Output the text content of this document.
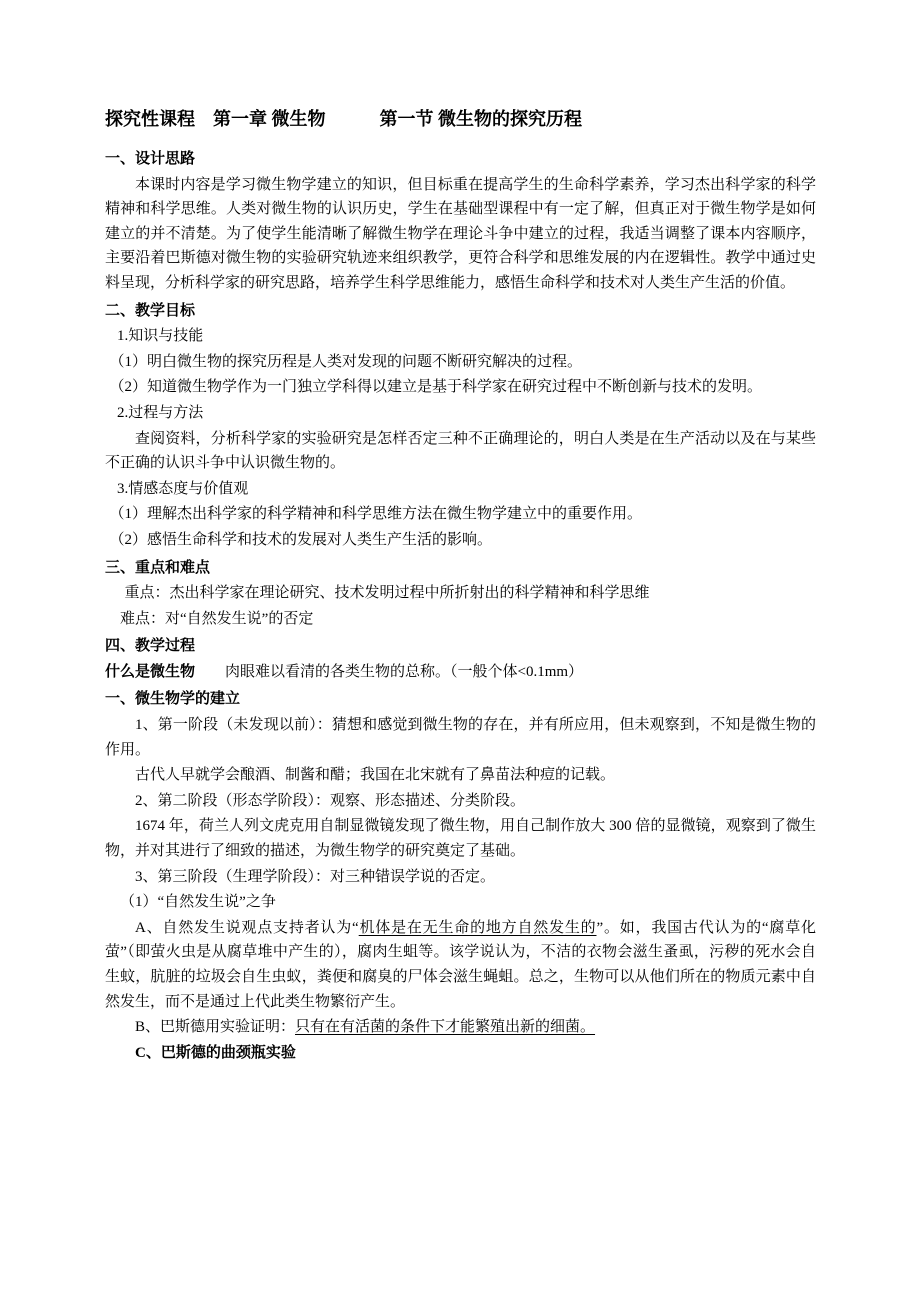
探究性课程　第一章 微生物　　　第一节 微生物的探究历程

一、设计思路

本课时内容是学习微生物学建立的知识，但目标重在提高学生的生命科学素养，学习杰出科学家的科学精神和科学思维。人类对微生物的认识历史，学生在基础型课程中有一定了解，但真正对于微生物学是如何建立的并不清楚。为了使学生能清晰了解微生物学在理论斗争中建立的过程，我适当调整了课本内容顺序，主要沿着巴斯德对微生物的实验研究轨迹来组织教学，更符合科学和思维发展的内在逻辑性。教学中通过史料呈现，分析科学家的研究思路，培养学生科学思维能力，感悟生命科学和技术对人类生产生活的价值。

二、教学目标

1.知识与技能

（1）明白微生物的探究历程是人类对发现的问题不断研究解决的过程。

（2）知道微生物学作为一门独立学科得以建立是基于科学家在研究过程中不断创新与技术的发明。

2.过程与方法

查阅资料，分析科学家的实验研究是怎样否定三种不正确理论的，明白人类是在生产活动以及在与某些不正确的认识斗争中认识微生物的。

3.情感态度与价值观

（1）理解杰出科学家的科学精神和科学思维方法在微生物学建立中的重要作用。

（2）感悟生命科学和技术的发展对人类生产生活的影响。

三、重点和难点

重点：杰出科学家在理论研究、技术发明过程中所折射出的科学精神和科学思维

难点：对“自然发生说”的否定

四、教学过程

什么是微生物　　肉眼难以看清的各类生物的总称。（一般个体<0.1mm）

一、微生物学的建立

1、第一阶段（未发现以前）：猜想和感觉到微生物的存在，并有所应用，但未观察到，不知是微生物的作用。

古代人早就学会酿酒、制酱和醋；我国在北宋就有了鼻苗法种痘的记载。

2、第二阶段（形态学阶段）：观察、形态描述、分类阶段。

1674 年，荷兰人列文虎克用自制显微镜发现了微生物，用自己制作放大 300 倍的显微镜，观察到了微生物，并对其进行了细致的描述，为微生物学的研究奠定了基础。

3、第三阶段（生理学阶段）：对三种错误学说的否定。

（1）“自然发生说”之争

A、自然发生说观点支持者认为“机体是在无生命的地方自然发生的”。如，我国古代认为的“腐草化萤”（即萤火虫是从腐草堆中产生的），腐肉生蛆等。该学说认为，不洁的衣物会滋生蚤虱，污秽的死水会自生蚊，肮脏的垃圾会自生虫蚁，粪便和腐臭的尸体会滋生蝇蛆。总之，生物可以从他们所在的物质元素中自然发生，而不是通过上代此类生物繁衍产生。

B、巴斯德用实验证明：只有在有活菌的条件下才能繁殖出新的细菌。

C、巴斯德的曲颈瓶实验
